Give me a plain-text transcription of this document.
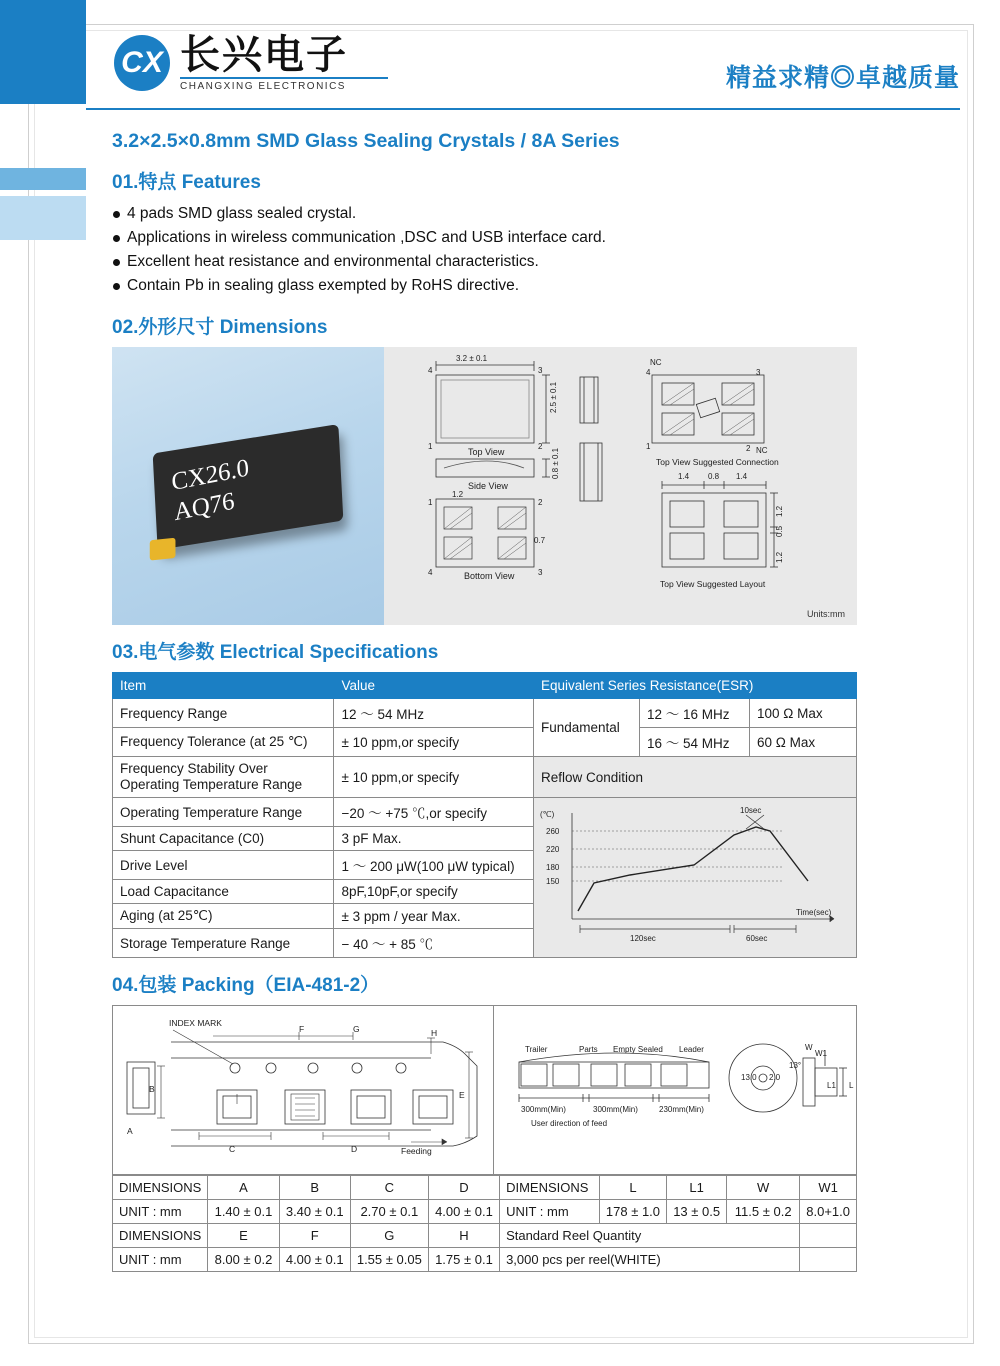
CX 长兴电子
CHANGXING ELECTRONICS	精益求精◎卓越质量
3.2×2.5×0.8mm SMD Glass Sealing Crystals / 8A Series
01.特点 Features
4 pads SMD glass sealed crystal.
Applications in wireless communication ,DSC and USB interface card.
Excellent heat resistance and environmental characteristics.
Contain Pb in sealing glass exempted by RoHS directive.
02.外形尺寸 Dimensions
CX26.0
AQ76
3.2 ± 0.1
2.5 ± 0.1
0.8 ± 0.1
Top View
Side View
Bottom View
4	3
1	2
1	2
4	3
1.2
0.7
NC
4	3
1	2 NC
Top View Suggested Connection
Top View Suggested Layout
1.4 0.8 1.4
1.2
0.5
1.2
Units:mm
03.电气参数 Electrical Specifications
Item	Value	Equivalent Series Resistance(ESR)		
Frequency Range	12 ～ 54 MHz	Fundamental	12 ～ 16 MHz	100 Ω Max
Frequency Tolerance (at 25 ℃)	± 10 ppm,or specify		16 ～ 54 MHz	60 Ω Max
Frequency Stability Over
Operating Temperature Range	± 10 ppm,or specify	Reflow Condition		
Operating Temperature Range	−20 ～ +75 ℃,or specify	(℃)
260
220
180
150
10sec
120sec	60sec
Time(sec)

Shunt Capacitance (C0)	3 pF Max.			
Drive Level	1 ～ 200 μW(100 μW typical)			
Load Capacitance	8pF,10pF,or specify			
Aging (at 25℃)	± 3 ppm / year Max.			
Storage Temperature Range	− 40 ～ + 85 ℃			
04.包装 Packing（EIA-481-2）
INDEX MARK
F	G	H
B
A
E
C	D	Feeding
Trailer	Parts Empty Sealed Leader
300mm(Min)	300mm(Min)	230mm(Min)
User direction of feed
13.0 2.0
13°
W
W1
L1 L
DIMENSIONS	A	B	C	D	DIMENSIONS	L	L1	W	W1
UNIT : mm	1.40 ± 0.1	3.40 ± 0.1	2.70 ± 0.1	4.00 ± 0.1	UNIT : mm	178 ± 1.0	13 ± 0.5	11.5 ± 0.2	8.0+1.0
DIMENSIONS	E	F	G	H	Standard Reel Quantity				
UNIT : mm	8.00 ± 0.2	4.00 ± 0.1	1.55 ± 0.05	1.75 ± 0.1	3,000 pcs per reel(WHITE)				
